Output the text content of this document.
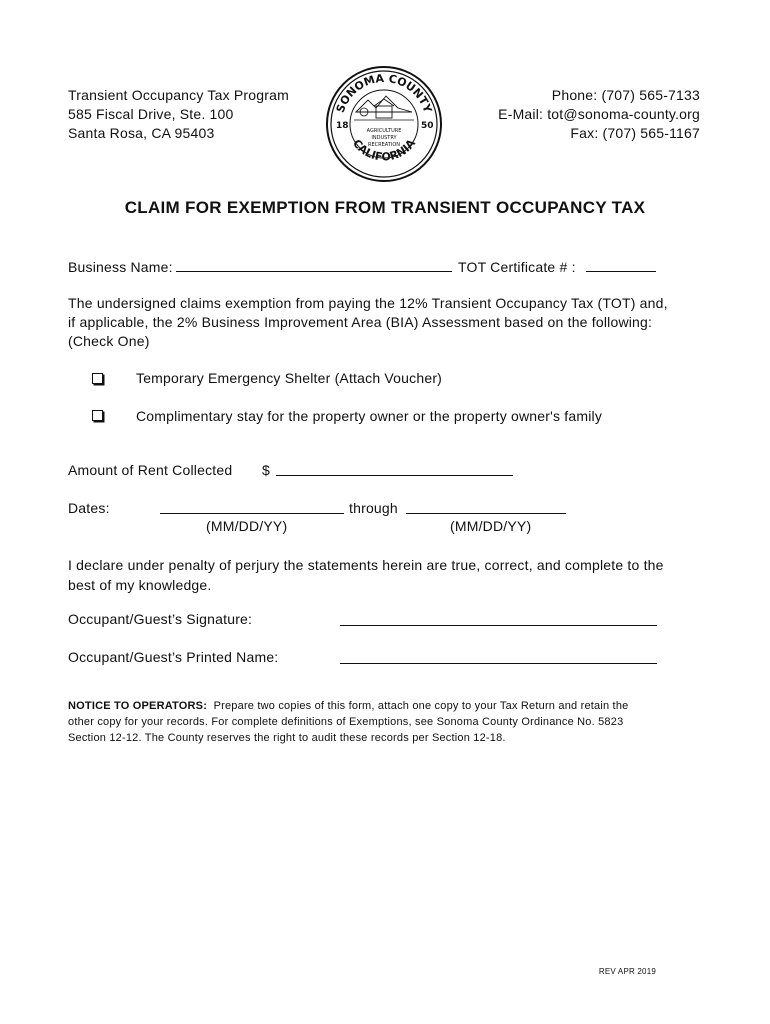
Transient Occupancy Tax Program
585 Fiscal Drive, Ste. 100
Santa Rosa, CA 95403
SONOMA COUNTY
CALIFORNIA
18	50
AGRICULTURE
INDUSTRY
RECREATION
Phone: (707) 565-7133
E-Mail: tot@sonoma-county.org
Fax: (707) 565-1167
CLAIM FOR EXEMPTION FROM TRANSIENT OCCUPANCY TAX
Business Name:	TOT Certificate # :
The undersigned claims exemption from paying the 12% Transient Occupancy Tax (TOT) and,
if applicable, the 2% Business Improvement Area (BIA) Assessment based on the following:
(Check One)
Temporary Emergency Shelter (Attach Voucher)
Complimentary stay for the property owner or the property owner's family
Amount of Rent Collected $
Dates:	through
(MM/DD/YY)	(MM/DD/YY)
I declare under penalty of perjury the statements herein are true, correct, and complete to the
best of my knowledge.
Occupant/Guest’s Signature:
Occupant/Guest’s Printed Name:
NOTICE TO OPERATORS: Prepare two copies of this form, attach one copy to your Tax Return and retain the
other copy for your records. For complete definitions of Exemptions, see Sonoma County Ordinance No. 5823
Section 12-12. The County reserves the right to audit these records per Section 12-18.
REV APR 2019
